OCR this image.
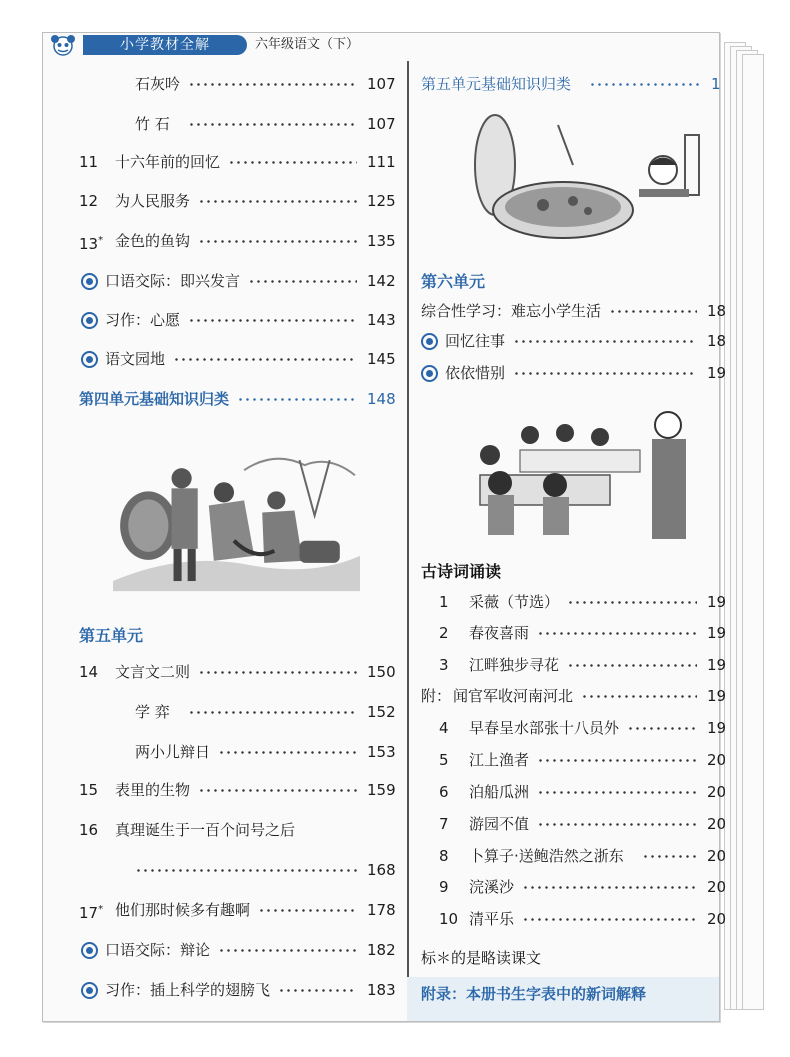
小学教材全解	六年级语文（下）
石灰吟	107
竹 石	107
11 十六年前的回忆	111
12 为人民服务	125
13* 金色的鱼钩	135
口语交际：即兴发言	142
习作：心愿	143
语文园地	145
第四单元基础知识归类	148
14 文言文二则	150
学 弈	152
两小儿辩日	153
15 表里的生物	159
16 真理诞生于一百个问号之后
168
17* 他们那时候多有趣啊	178
口语交际：辩论	182
习作：插上科学的翅膀飞	183
第五单元
第五单元基础知识归类	1
第六单元
综合性学习：难忘小学生活	18
回忆往事	18
依依惜别	19
古诗词诵读
1 采薇（节选）	19
2 春夜喜雨	19
3 江畔独步寻花	19
附： 闻官军收河南河北	19
4 早春呈水部张十八员外	19
5 江上渔者	20
6 泊船瓜洲	20
7 游园不值	20
8 卜算子·送鲍浩然之浙东	20
9 浣溪沙	20
10 清平乐	20
标＊的是略读课文
附录：本册书生字表中的新词解释
